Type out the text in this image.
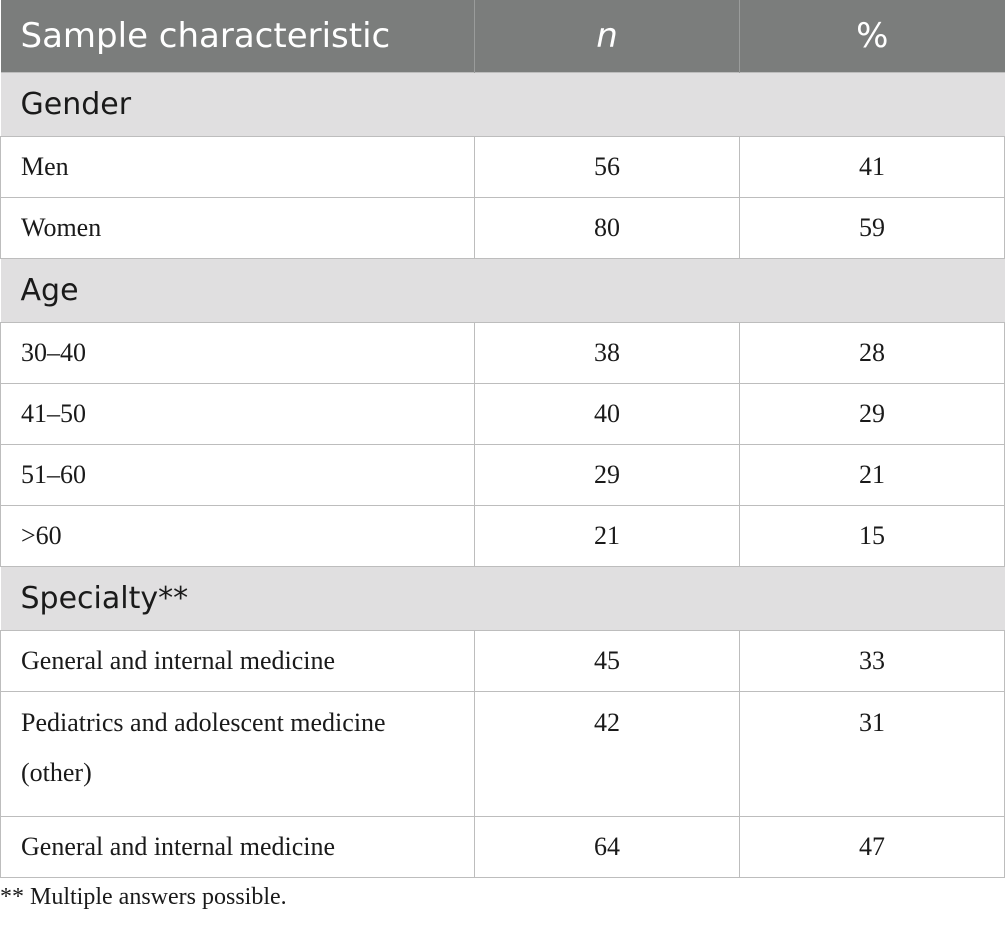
Sample characteristic	n	%
Gender		
Men	56	41
Women	80	59
Age		
30–40	38	28
41–50	40	29
51–60	29	21
>60	21	15
Specialty**		
General and internal medicine	45	33
Pediatrics and adolescent medicine (other)	42	31
General and internal medicine	64	47
** Multiple answers possible.
